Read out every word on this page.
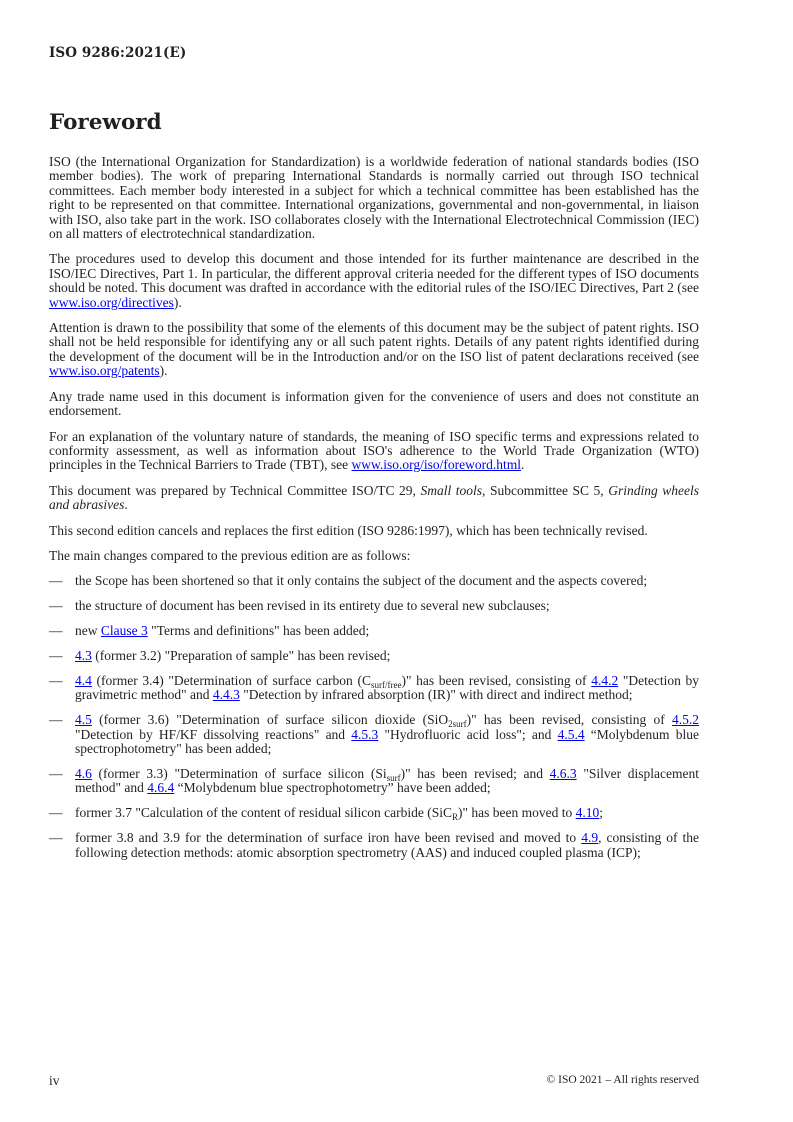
ISO 9286:2021(E)
Foreword

ISO (the International Organization for Standardization) is a worldwide federation of national standards bodies (ISO member bodies). The work of preparing International Standards is normally carried out through ISO technical committees. Each member body interested in a subject for which a technical committee has been established has the right to be represented on that committee. International organizations, governmental and non-governmental, in liaison with ISO, also take part in the work. ISO collaborates closely with the International Electrotechnical Commission (IEC) on all matters of electrotechnical standardization.

The procedures used to develop this document and those intended for its further maintenance are described in the ISO/IEC Directives, Part 1. In particular, the different approval criteria needed for the different types of ISO documents should be noted. This document was drafted in accordance with the editorial rules of the ISO/IEC Directives, Part 2 (see www.iso.org/directives).

Attention is drawn to the possibility that some of the elements of this document may be the subject of patent rights. ISO shall not be held responsible for identifying any or all such patent rights. Details of any patent rights identified during the development of the document will be in the Introduction and/or on the ISO list of patent declarations received (see www.iso.org/patents).

Any trade name used in this document is information given for the convenience of users and does not constitute an endorsement.

For an explanation of the voluntary nature of standards, the meaning of ISO specific terms and expressions related to conformity assessment, as well as information about ISO's adherence to the World Trade Organization (WTO) principles in the Technical Barriers to Trade (TBT), see www.iso.org/iso/foreword.html.

This document was prepared by Technical Committee ISO/TC 29, Small tools, Subcommittee SC 5, Grinding wheels and abrasives.

This second edition cancels and replaces the first edition (ISO 9286:1997), which has been technically revised.

The main changes compared to the previous edition are as follows:

— the Scope has been shortened so that it only contains the subject of the document and the aspects covered;
— the structure of document has been revised in its entirety due to several new subclauses;
— new Clause 3 "Terms and definitions" has been added;
— 4.3 (former 3.2) "Preparation of sample" has been revised;
— 4.4 (former 3.4) "Determination of surface carbon $(C_{surf/free})$" has been revised, consisting of 4.4.2 "Detection by gravimetric method" and 4.4.3 "Detection by infrared absorption (IR)" with direct and indirect method;
— 4.5 (former 3.6) "Determination of surface silicon dioxide (SiO$_{2surf}$)" has been revised, consisting of 4.5.2 "Detection by HF/KF dissolving reactions" and 4.5.3 "Hydrofluoric acid loss"; and 4.5.4 “Molybdenum blue spectrophotometry" has been added;
— 4.6 (former 3.3) "Determination of surface silicon $(Si_{surf})$" has been revised; and 4.6.3 "Silver displacement method" and 4.6.4 “Molybdenum blue spectrophotometry” have been added;
— former 3.7 "Calculation of the content of residual silicon carbide (SiC$_R$)" has been moved to 4.10;
— former 3.8 and 3.9 for the determination of surface iron have been revised and moved to 4.9, consisting of the following detection methods: atomic absorption spectrometry (AAS) and induced coupled plasma (ICP);
iv	© ISO 2021 – All rights reserved
